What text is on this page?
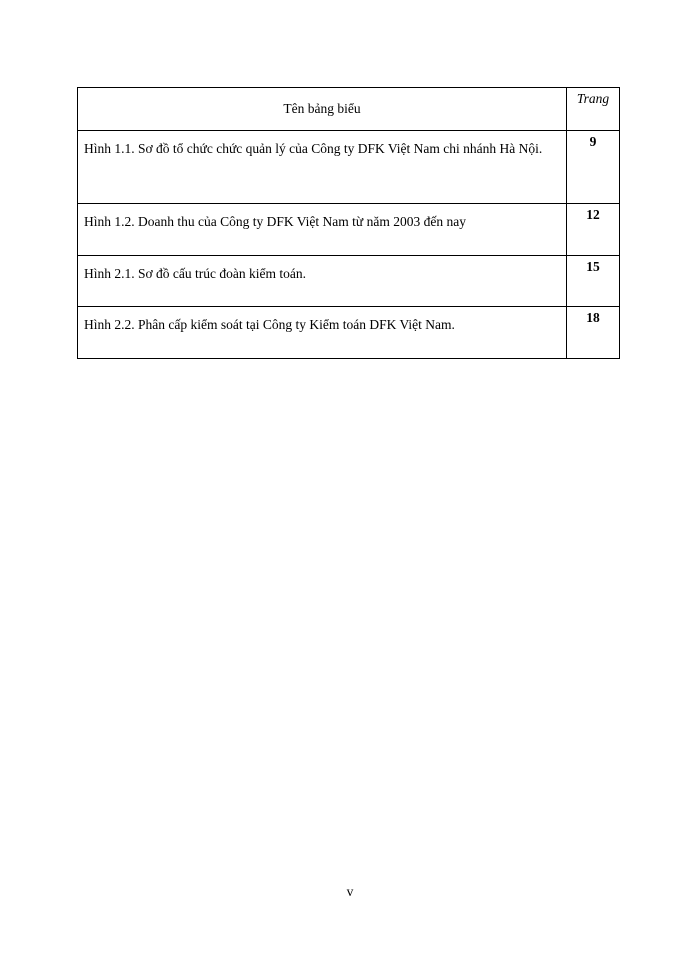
Tên bảng biểu	Trang
Hình 1.1. Sơ đồ tổ chức chức quản lý của Công ty DFK Việt Nam chi nhánh Hà Nội.	9
Hình 1.2. Doanh thu của Công ty DFK Việt Nam từ năm 2003 đến nay	12
Hình 2.1. Sơ đồ cấu trúc đoàn kiểm toán.	15
Hình 2.2. Phân cấp kiểm soát tại Công ty Kiểm toán DFK Việt Nam.	18
v
